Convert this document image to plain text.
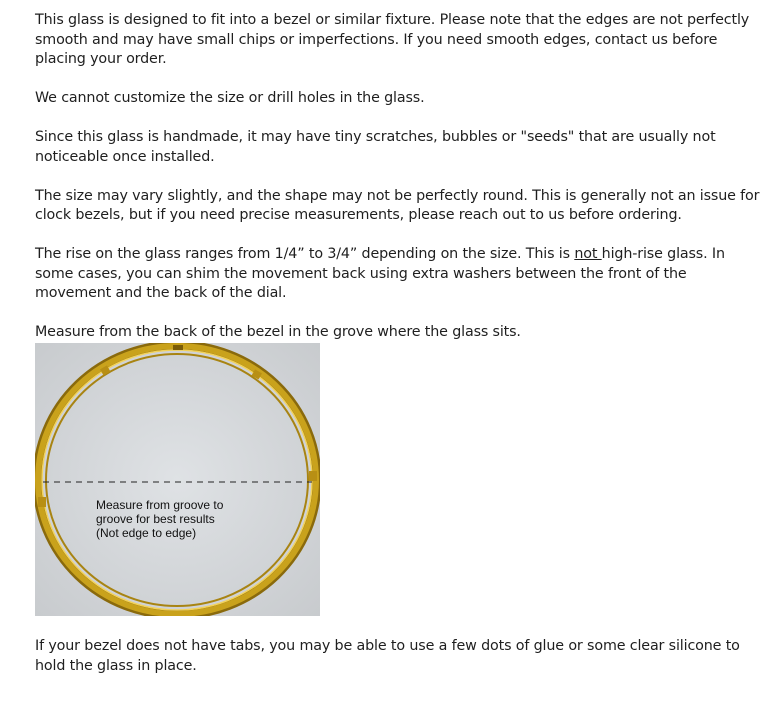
This glass is designed to fit into a bezel or similar fixture. Please note that the edges are not perfectly smooth and may have small chips or imperfections. If you need smooth edges, contact us before placing your order.

We cannot customize the size or drill holes in the glass.

Since this glass is handmade, it may have tiny scratches, bubbles or "seeds" that are usually not noticeable once installed.

The size may vary slightly, and the shape may not be perfectly round. This is generally not an issue for clock bezels, but if you need precise measurements, please reach out to us before ordering.

The rise on the glass ranges from 1/4” to 3/4” depending on the size. This is not high-rise glass. In some cases, you can shim the movement back using extra washers between the front of the movement and the back of the dial.

Measure from the back of the bezel in the grove where the glass sits.

Measure from groove to
groove for best results
(Not edge to edge)

If your bezel does not have tabs, you may be able to use a few dots of glue or some clear silicone to hold the glass in place.
